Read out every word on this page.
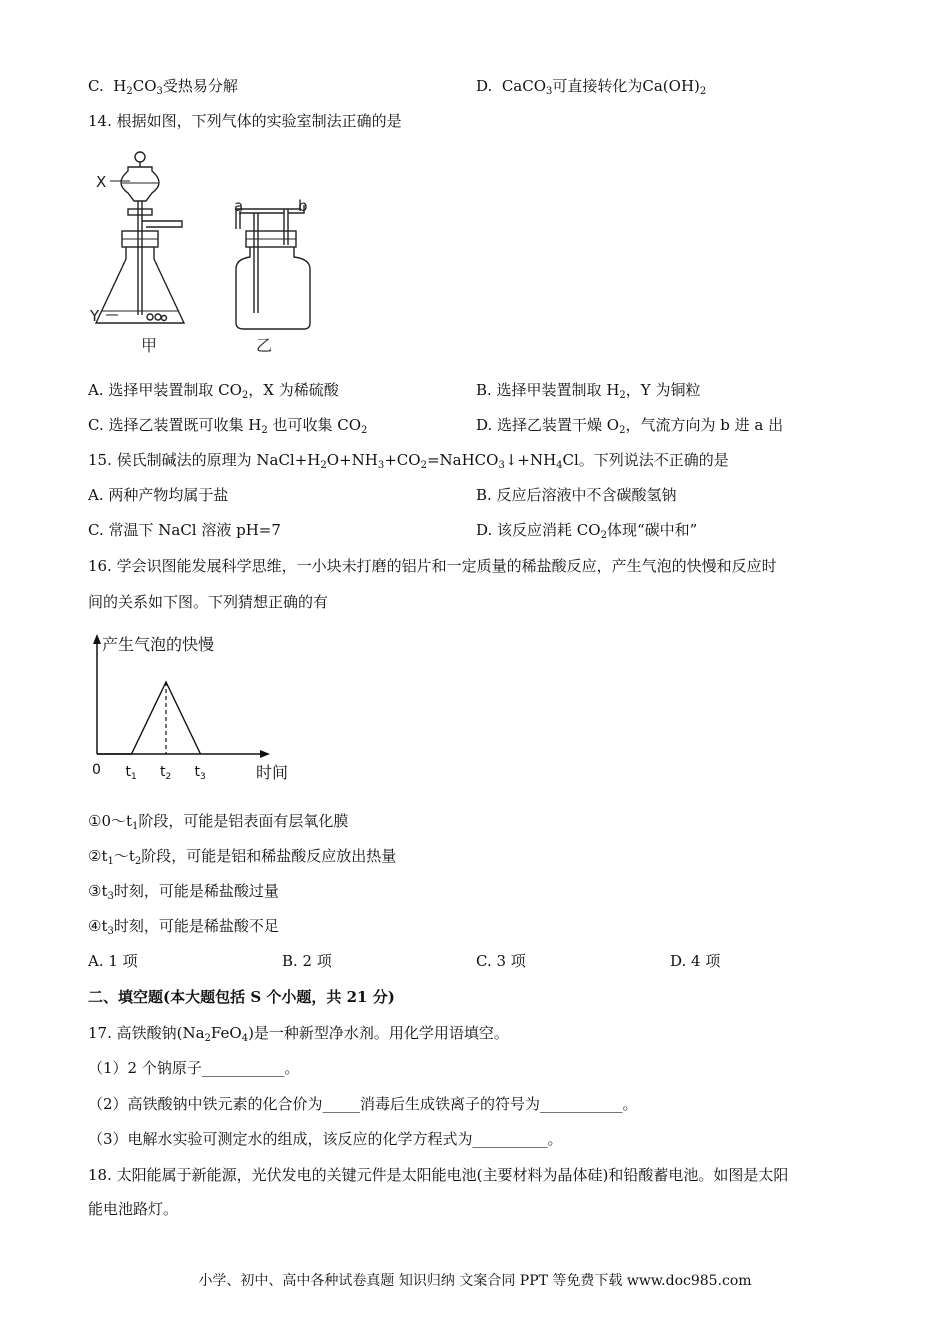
C. $H_2CO_3$受热易分解	D. CaCO$_3$可直接转化为$Ca(OH)_2$
14. 根据如图，下列气体的实验室制法正确的是
X
Y
甲
a	b
乙
A. 选择甲装置制取 $CO_2$，X 为稀硫酸	B. 选择甲装置制取 $H_2$，Y 为铜粒
C. 选择乙装置既可收集 $H_2$ 也可收集 $CO_2$	D. 选择乙装置干燥 $O_2$，气流方向为 b 进 a 出
15. 侯氏制碱法的原理为 $NaCl+H_2O+NH_3+CO_2=NaHCO_3↓+NH_4Cl$。下列说法不正确的是
A. 两种产物均属于盐	B. 反应后溶液中不含碳酸氢钠
C. 常温下 NaCl 溶液 pH=7	D. 该反应消耗 $CO_2$体现“碳中和”
16. 学会识图能发展科学思维，一小块未打磨的铝片和一定质量的稀盐酸反应，产生气泡的快慢和反应时
间的关系如下图。下列猜想正确的有
产生气泡的快慢
时间
0 $t_1$ $t_2$ $t_3$
$①0\sim t_1$阶段，可能是铝表面有层氧化膜
$②t_1\sim t_2$阶段，可能是铝和稀盐酸反应放出热量
$③t_3$时刻，可能是稀盐酸过量
$④t_3$时刻，可能是稀盐酸不足
A. 1 项	B. 2 项	C. 3 项	D. 4 项
二、填空题(本大题包括 S 个小题，共 21 分)
17. 高铁酸钠$(Na_2FeO_4)$是一种新型净水剂。用化学用语填空。
（1）2 个钠原子___________。
（2）高铁酸钠中铁元素的化合价为_____消毒后生成铁离子的符号为___________。
（3）电解水实验可测定水的组成，该反应的化学方程式为__________。
18. 太阳能属于新能源，光伏发电的关键元件是太阳能电池(主要材料为晶体硅)和铅酸蓄电池。如图是太阳
能电池路灯。
小学、初中、高中各种试卷真题 知识归纳 文案合同 PPT 等免费下载 www.doc985.com
